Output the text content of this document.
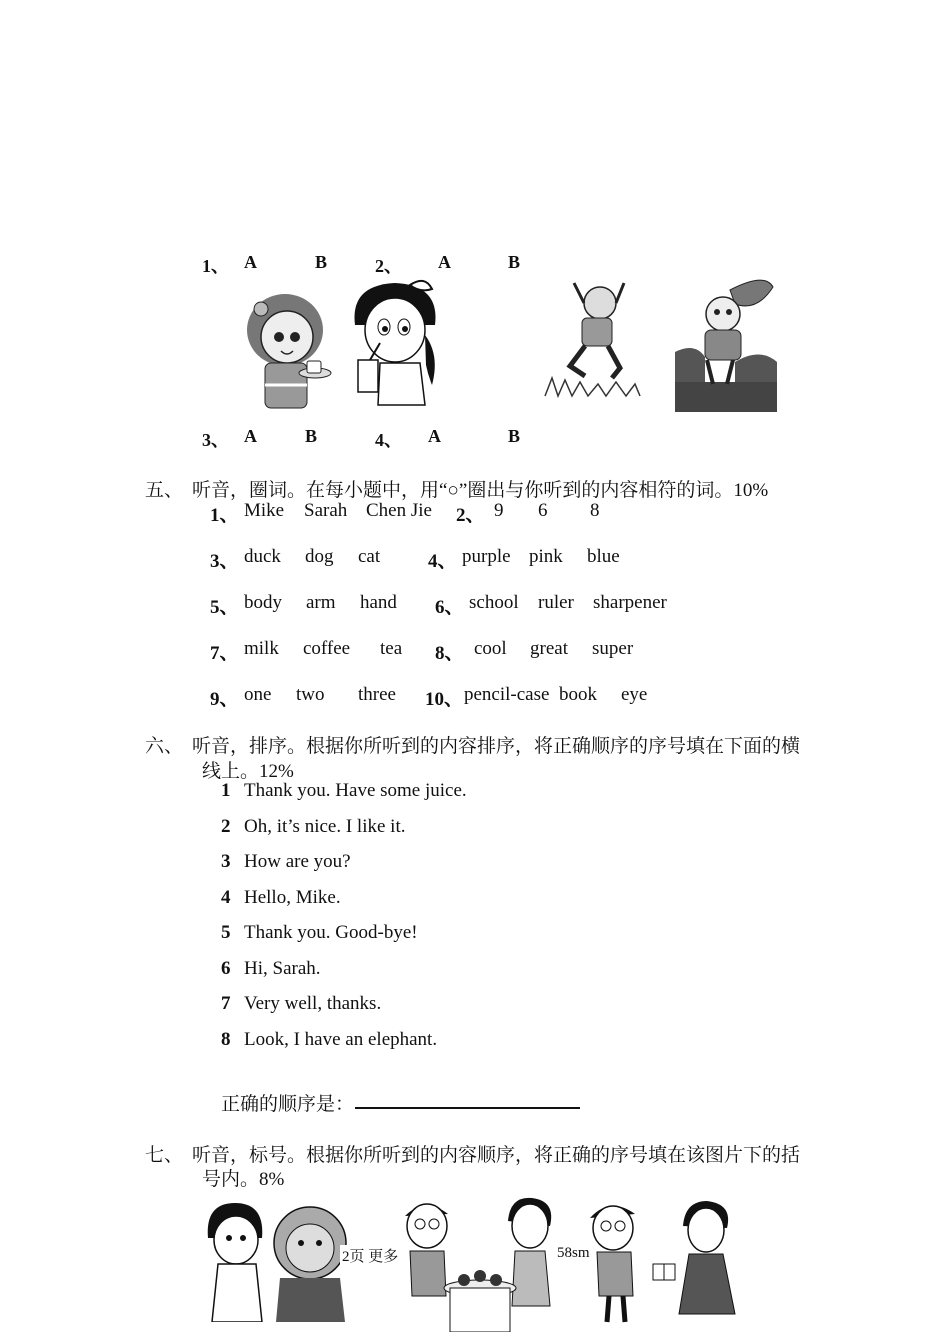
1、 A	B	2、 A	B
3、 A	B	4、 A	B
五、 听音，圈词。在每小题中，用“○”圈出与你听到的内容相符的词。10%
1、 Mike Sarah Chen Jie 2、 9 6 8
3、 duck dog cat	4、 purple pink blue
5、 body arm hand 6、 school ruler sharpener
7、 milk coffee tea 8、 cool great super
9、 one two three 10、 pencil-case book eye
六、 听音，排序。根据你所听到的内容排序，将正确顺序的序号填在下面的横
线上。12%
1 Thank you. Have some juice.
2 Oh, it’s nice. I like it.
3 How are you?
4 Hello, Mike.
5 Thank you. Good-bye!
6 Hi, Sarah.
7 Very well, thanks.
8 Look, I have an elephant.
正确的顺序是：
七、 听音，标号。根据你所听到的内容顺序，将正确的序号填在该图片下的括
号内。8%
2页 更多	58sm
